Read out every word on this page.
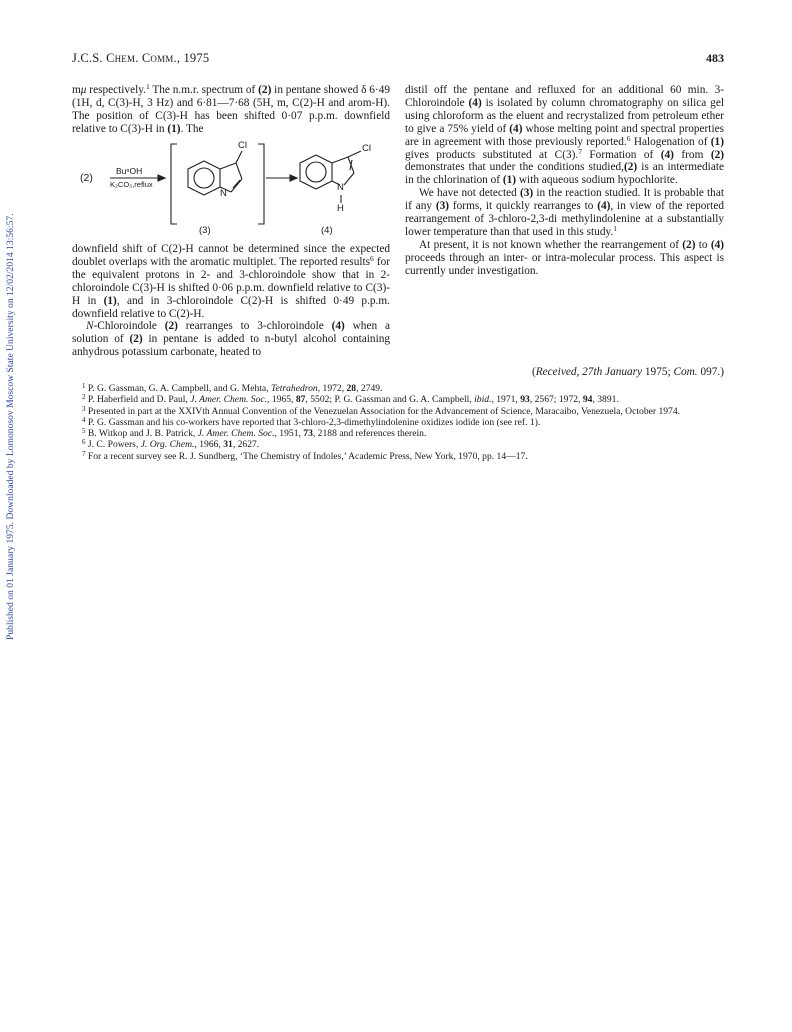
Published on 01 January 1975. Downloaded by Lomonosov Moscow State University on 12/02/2014 13:56:57.
J.C.S. Chem. Comm., 1975	483

mμ respectively.$^1$ The n.m.r. spectrum of (2) in pentane showed δ 6·49 (1H, d, C(3)-H, 3 Hz) and 6·81—7·68 (5H, m, C(2)-H and arom-H). The position of C(3)-H has been shifted 0·07 p.p.m. downfield relative to C(3)-H in (1). The

(2)
BuⁿOH
K₂CO₃,reflux
Cl
N
Cl
N
H
(3)	(4)

downfield shift of C(2)-H cannot be determined since the expected doublet overlaps with the aromatic multiplet. The reported results$^6$ for the equivalent protons in 2- and 3-chloroindole show that in 2-chloroindole C(3)-H is shifted 0·06 p.p.m. downfield relative to C(3)-H in (1), and in 3-chloroindole C(2)-H is shifted 0·49 p.p.m. downfield relative to C(2)-H.

N-Chloroindole (2) rearranges to 3-chloroindole (4) when a solution of (2) in pentane is added to n-butyl alcohol containing anhydrous potassium carbonate, heated to

distil off the pentane and refluxed for an additional 60 min. 3-Chloroindole (4) is isolated by column chromatography on silica gel using chloroform as the eluent and recrystalized from petroleum ether to give a 75% yield of (4) whose melting point and spectral properties are in agreement with those previously reported.$^6$ Halogenation of (1) gives products substituted at C(3).$^7$ Formation of (4) from (2) demonstrates that under the conditions studied,(2) is an intermediate in the chlorination of (1) with aqueous sodium hypochlorite.

We have not detected (3) in the reaction studied. It is probable that if any (3) forms, it quickly rearranges to (4), in view of the reported rearrangement of 3-chloro-2,3-di methylindolenine at a substantially lower temperature than that used in this study.$^1$

At present, it is not known whether the rearrangement of (2) to (4) proceeds through an inter- or intra-molecular process. This aspect is currently under investigation.

(Received, 27th January 1975; Com. 097.)
$^1$ P. G. Gassman, G. A. Campbell, and G. Mehta, Tetrahedron, 1972, 28, 2749.
$^2$ P. Haberfield and D. Paul, J. Amer. Chem. Soc., 1965, 87, 5502; P. G. Gassman and G. A. Campbell, ibid., 1971, 93, 2567; 1972, 94, 3891.
$^3$ Presented in part at the XXIVth Annual Convention of the Venezuelan Association for the Advancement of Science, Maracaibo, Venezuela, October 1974.
$^4$ P. G. Gassman and his co-workers have reported that 3-chloro-2,3-dimethylindolenine oxidizes iodide ion (see ref. 1).
$^5$ B. Witkop and J. B. Patrick, J. Amer. Chem. Soc., 1951, 73, 2188 and references therein.
$^6$ J. C. Powers, J. Org. Chem., 1966, 31, 2627.
$^7$ For a recent survey see R. J. Sundberg, ‘The Chemistry of Indoles,’ Academic Press, New York, 1970, pp. 14—17.
